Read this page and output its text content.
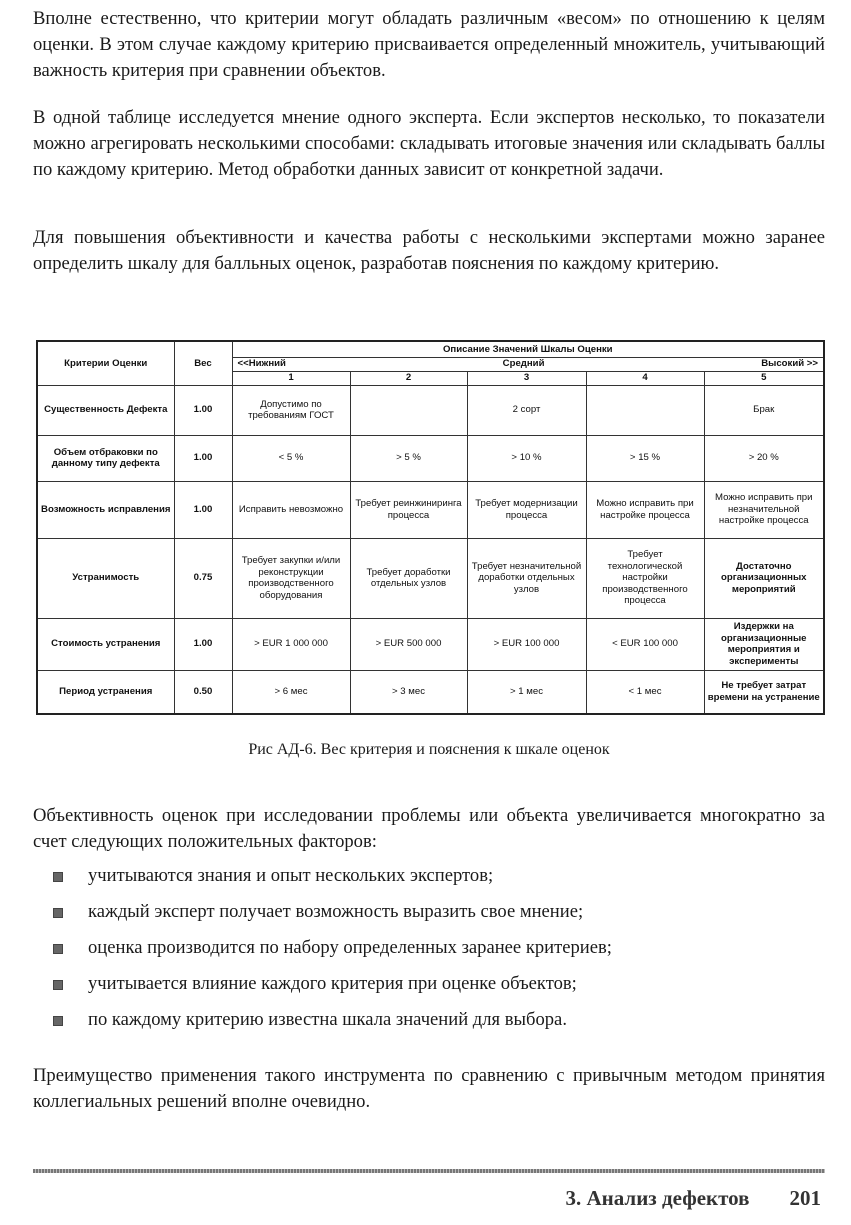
Вполне естественно, что критерии могут обладать различным «весом» по отношению к целям оценки. В этом случае каждому критерию присваивается определенный множитель, учитывающий важность критерия при сравнении объектов.

В одной таблице исследуется мнение одного эксперта. Если экспертов несколько, то показатели можно агрегировать несколькими способами: складывать итоговые значения или складывать баллы по каждому критерию. Метод обработки данных зависит от конкретной задачи.

Для повышения объективности и качества работы с несколькими экспертами можно заранее определить шкалу для балльных оценок, разработав пояснения по каждому критерию.

Критерии Оценки	Вес	Описание Значений Шкалы Оценки				

		<<Нижний Средний Высокий >>				

		1	2	3	4	5
Существенность Дефекта	1.00	Допустимо по требованиям ГОСТ		2 сорт		Брак
Объем отбраковки по данному типу дефекта	1.00	< 5 %	> 5 %	> 10 %	> 15 %	> 20 %
Возможность исправления	1.00	Исправить невозможно	Требует реинжиниринга процесса	Требует модернизации процесса	Можно исправить при настройке процесса	Можно исправить при незначительной настройке процесса
Устранимость	0.75	Требует закупки и/или реконструкции производственного оборудования	Требует доработки отдельных узлов	Требует незначительной доработки отдельных узлов	Требует технологической настройки производственного процесса	Достаточно организационных мероприятий
Стоимость устранения	1.00	> EUR 1 000 000	> EUR 500 000	> EUR 100 000	< EUR 100 000	Издержки на организационные мероприятия и эксперименты
Период устранения	0.50	> 6 мес	> 3 мес	> 1 мес	< 1 мес	Не требует затрат времени на устранение
Рис АД-6. Вес критерия и пояснения к шкале оценок

Объективность оценок при исследовании проблемы или объекта увеличивается многократно за счет следующих положительных факторов:

учитываются знания и опыт нескольких экспертов;
каждый эксперт получает возможность выразить свое мнение;
оценка производится по набору определенных заранее критериев;
учитывается влияние каждого критерия при оценке объектов;
по каждому критерию известна шкала значений для выбора.

Преимущество применения такого инструмента по сравнению с привычным методом принятия коллегиальных решений вполне очевидно.

3. Анализ дефектов 201
